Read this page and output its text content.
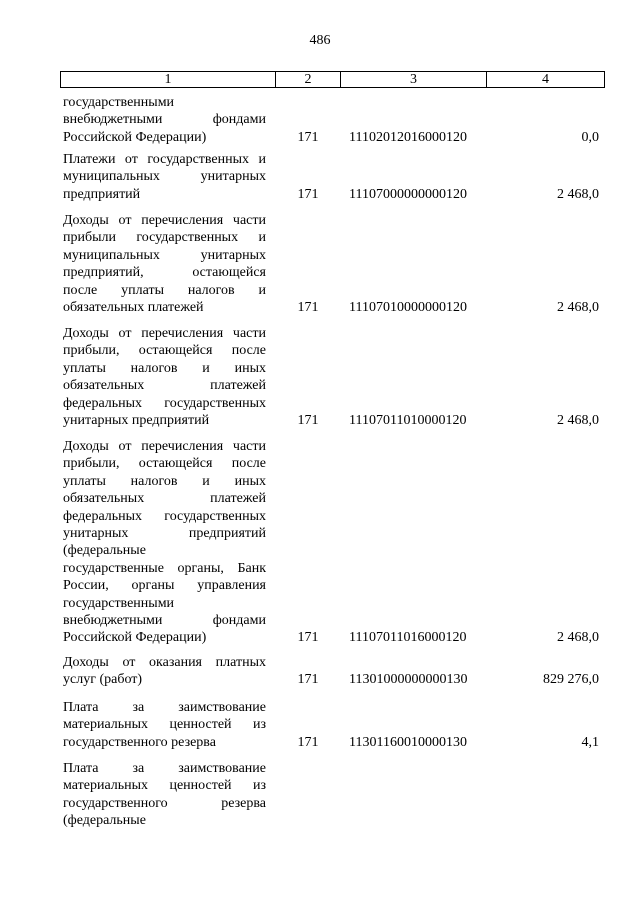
486
1	2	3	4
государственными
внебюджетными фондами
Российской Федерации)	171	11102012016000120	0,0
Платежи от государственных и
муниципальных унитарных
предприятий	171	11107000000000120	2 468,0
Доходы от перечисления части
прибыли государственных и
муниципальных унитарных
предприятий, остающейся
после уплаты налогов и
обязательных платежей	171	11107010000000120	2 468,0
Доходы от перечисления части
прибыли, остающейся после
уплаты налогов и иных
обязательных платежей
федеральных государственных
унитарных предприятий	171	11107011010000120	2 468,0
Доходы от перечисления части
прибыли, остающейся после
уплаты налогов и иных
обязательных платежей
федеральных государственных
унитарных предприятий
(федеральные
государственные органы, Банк
России, органы управления
государственными
внебюджетными фондами
Российской Федерации)	171	11107011016000120	2 468,0
Доходы от оказания платных
услуг (работ)	171	11301000000000130	829 276,0
Плата за заимствование
материальных ценностей из
государственного резерва	171	11301160010000130	4,1
Плата за заимствование
материальных ценностей из
государственного резерва
(федеральные
